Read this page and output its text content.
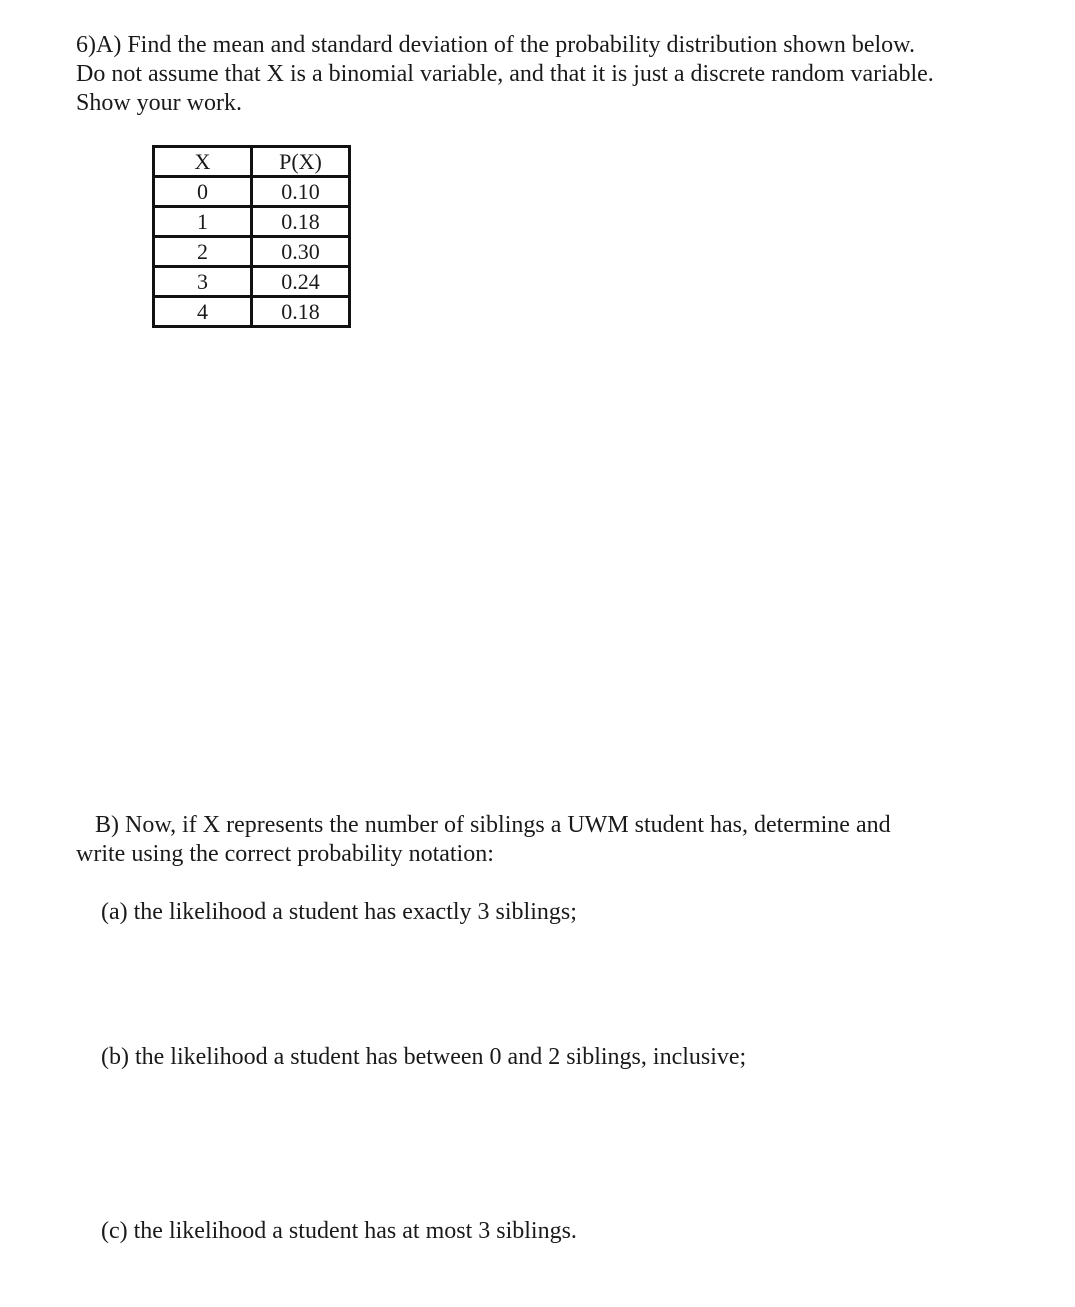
6)A) Find the mean and standard deviation of the probability distribution shown below.

Do not assume that X is a binomial variable, and that it is just a discrete random variable.

Show your work.

X	P(X)
0	0.10
1	0.18
2	0.30
3	0.24
4	0.18

B) Now, if X represents the number of siblings a UWM student has, determine and

write using the correct probability notation:

(a) the likelihood a student has exactly 3 siblings;

(b) the likelihood a student has between 0 and 2 siblings, inclusive;

(c) the likelihood a student has at most 3 siblings.
